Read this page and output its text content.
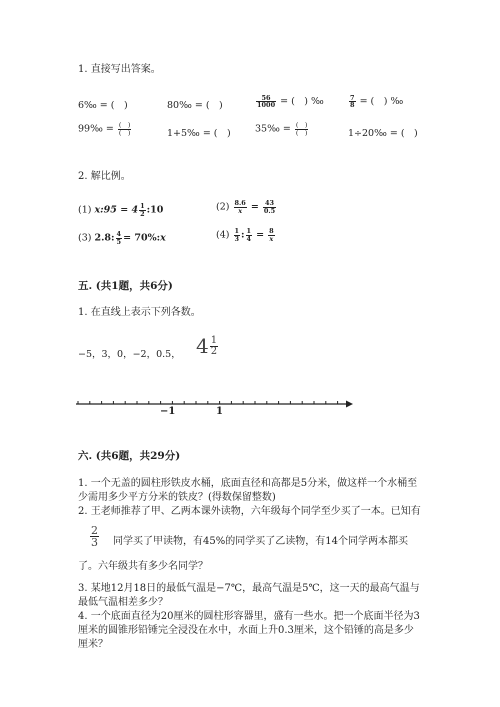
1. 直接写出答案。
6‰ = (　)	80‰ = (　)	$\frac{56}{1000}$ = (　) ‰	$\frac{7}{8}$ = (　) ‰
99‰ = $\frac{( )}{( )}$	1+5‰ = (　)	35‰ = $\frac{( )}{( )}$	1÷20‰ = (　)
2. 解比例。
(1) x:95 = $4 \frac{1}{2}$ :10	$(2) \frac{8.6}{x} = \frac{43}{0.5}$
(3) 2.8: $\frac{4}{5}$ = 70%:x	$(4) \frac{1}{3}$ : $\frac{1}{4} = \frac{8}{x}$
五. (共1题，共6分)
1. 在直线上表示下列各数。
−5，3，0，−2，0.5， $4 \frac{1}{2}$
−1	1
六. (共6题，共29分)
1. 一个无盖的圆柱形铁皮水桶，底面直径和高都是5分米，做这样一个水桶至
少需用多少平方分米的铁皮？(得数保留整数)
2. 王老师推荐了甲、乙两本课外读物，六年级每个同学至少买了一本。已知有
$\frac{2}{3}$ 同学买了甲读物，有45%的同学买了乙读物，有14个同学两本都买
了。六年级共有多少名同学？
3. 某地12月18日的最低气温是−7℃，最高气温是5℃，这一天的最高气温与
最低气温相差多少？
4. 一个底面直径为20厘米的圆柱形容器里，盛有一些水。把一个底面半径为3
厘米的圆锥形铅锤完全浸没在水中，水面上升0.3厘米，这个铅锤的高是多少
厘米？
